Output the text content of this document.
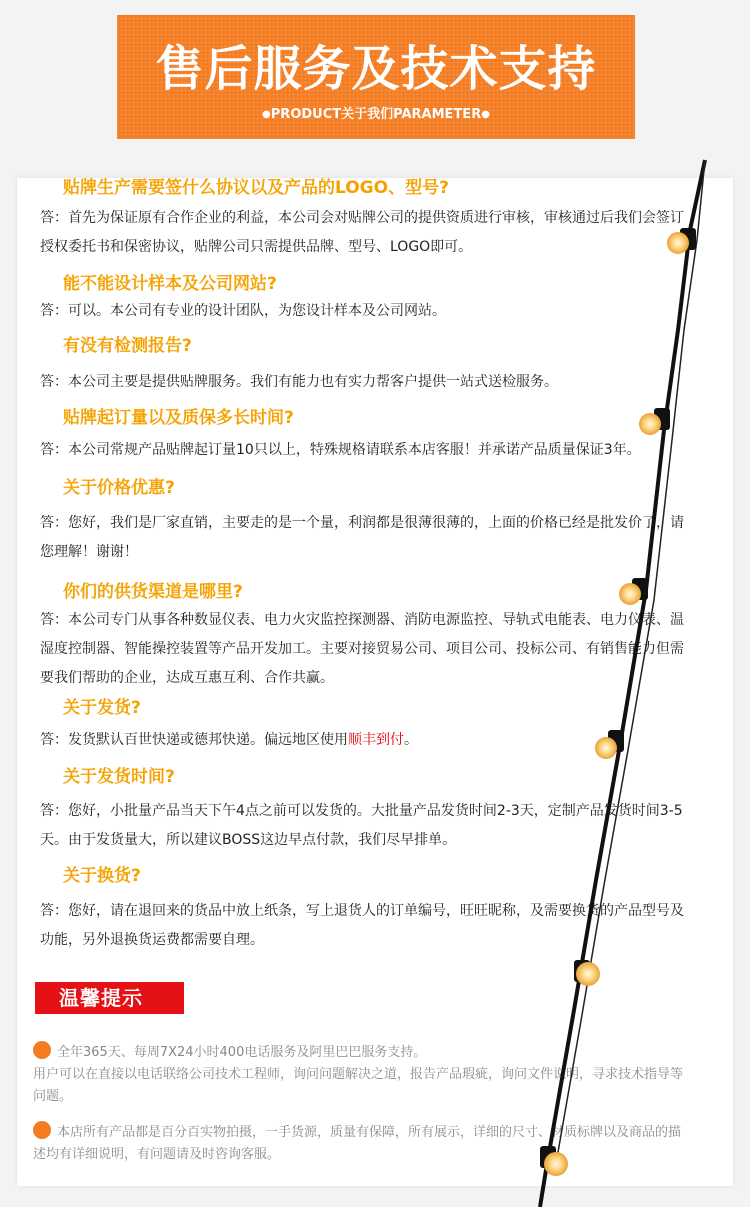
售后服务及技术支持
●PRODUCT关于我们PARAMETER●
贴牌生产需要签什么协议以及产品的LOGO、型号?
答：首先为保证原有合作企业的利益，本公司会对贴牌公司的提供资质进行审核，审核通过后我们会签订授权委托书和保密协议，贴牌公司只需提供品牌、型号、LOGO即可。
能不能设计样本及公司网站?
答：可以。本公司有专业的设计团队，为您设计样本及公司网站。
有没有检测报告?
答：本公司主要是提供贴牌服务。我们有能力也有实力帮客户提供一站式送检服务。
贴牌起订量以及质保多长时间?
答：本公司常规产品贴牌起订量10只以上，特殊规格请联系本店客服！并承诺产品质量保证3年。
关于价格优惠?
答：您好，我们是厂家直销，主要走的是一个量，利润都是很薄很薄的，上面的价格已经是批发价了，请您理解！谢谢！
你们的供货渠道是哪里?
答：本公司专门从事各种数显仪表、电力火灾监控探测器、消防电源监控、导轨式电能表、电力仪表、温湿度控制器、智能操控装置等产品开发加工。主要对接贸易公司、项目公司、投标公司、有销售能力但需要我们帮助的企业，达成互惠互利、合作共赢。
关于发货?
答：发货默认百世快递或德邦快递。偏远地区使用顺丰到付。
关于发货时间?
答：您好，小批量产品当天下午4点之前可以发货的。大批量产品发货时间2-3天，定制产品发货时间3-5天。由于发货量大，所以建议BOSS这边早点付款，我们尽早排单。
关于换货?
答：您好，请在退回来的货品中放上纸条，写上退货人的订单编号，旺旺昵称，及需要换货的产品型号及功能，另外退换货运费都需要自理。
温馨提示
全年365天、每周7X24小时400电话服务及阿里巴巴服务支持。
用户可以在直接以电话联络公司技术工程师，询问问题解决之道，报告产品瑕疵，询问文件说明，寻求技术指导等问题。
本店所有产品都是百分百实物拍摄，一手货源，质量有保障，所有展示，详细的尺寸、材质标牌以及商品的描述均有详细说明，有问题请及时咨询客服。
